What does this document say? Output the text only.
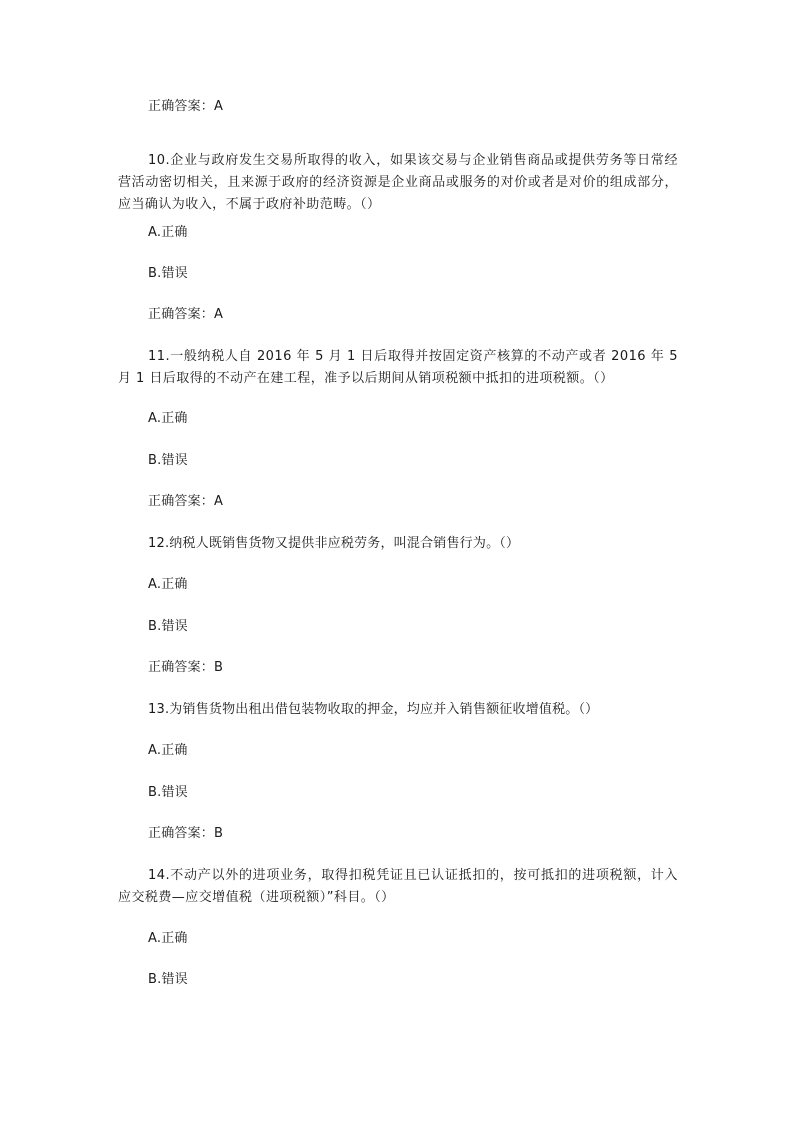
正确答案：A
10.企业与政府发生交易所取得的收入，如果该交易与企业销售商品或提供劳务等日常经营活动密切相关，且来源于政府的经济资源是企业商品或服务的对价或者是对价的组成部分，应当确认为收入，不属于政府补助范畴。（）
A.正确
B.错误
正确答案：A
11.一般纳税人自 2016 年 5 月 1 日后取得并按固定资产核算的不动产或者 2016 年 5 月 1 日后取得的不动产在建工程，准予以后期间从销项税额中抵扣的进项税额。（）
A.正确
B.错误
正确答案：A
12.纳税人既销售货物又提供非应税劳务，叫混合销售行为。（）
A.正确
B.错误
正确答案：B
13.为销售货物出租出借包装物收取的押金，均应并入销售额征收增值税。（）
A.正确
B.错误
正确答案：B
14.不动产以外的进项业务，取得扣税凭证且已认证抵扣的，按可抵扣的进项税额，计入应交税费—应交增值税（进项税额）”科目。（）
A.正确
B.错误
